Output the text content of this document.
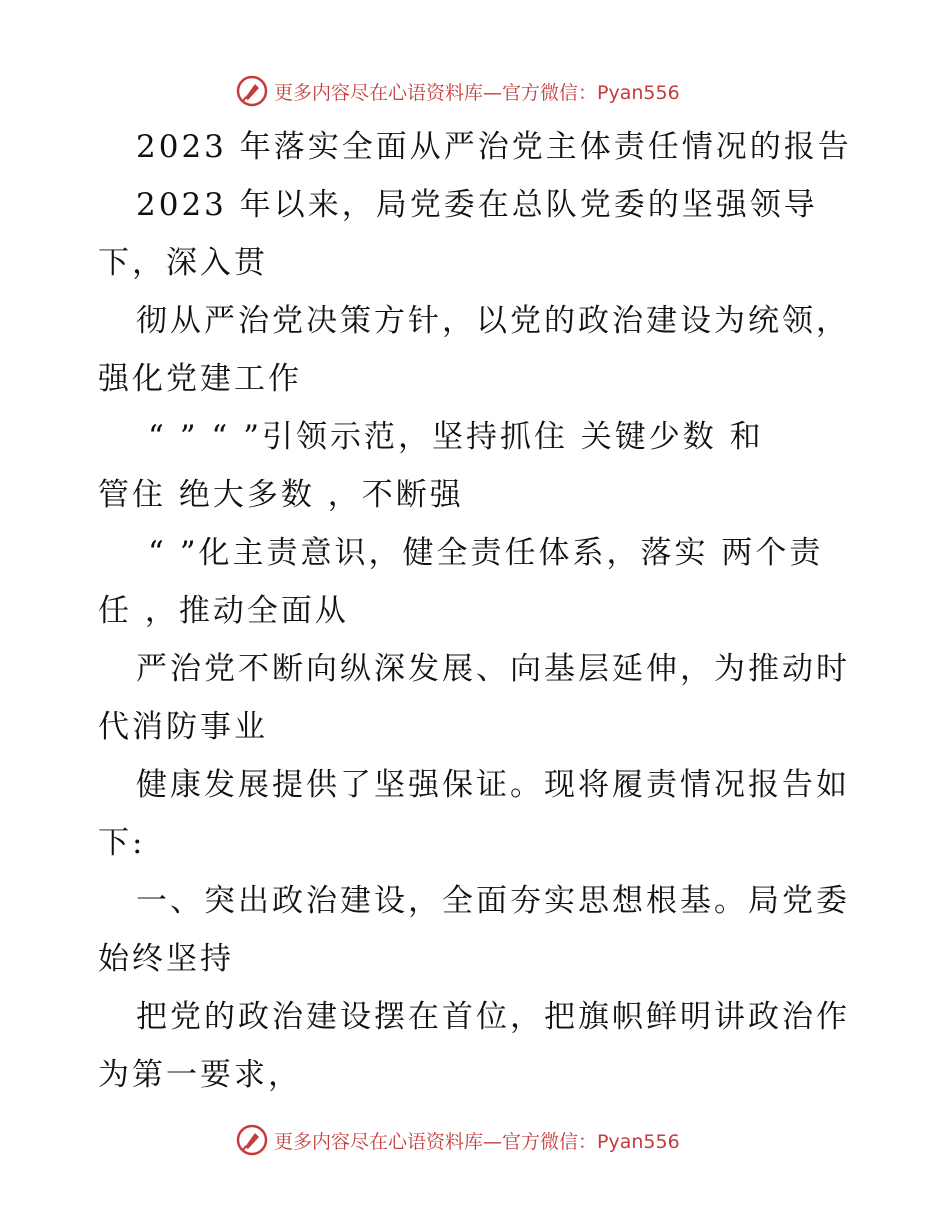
更多内容尽在心语资料库—官方微信：Pyan556
2023 年落实全面从严治党主体责任情况的报告
2023 年以来，局党委在总队党委的坚强领导
下，深入贯
彻从严治党决策方针，以党的政治建设为统领，
强化党建工作
“ ” “ ”引领示范，坚持抓住 关键少数 和
管住 绝大多数 ，不断强
“ ”化主责意识，健全责任体系，落实 两个责
任 ，推动全面从
严治党不断向纵深发展、向基层延伸，为推动时
代消防事业
健康发展提供了坚强保证。现将履责情况报告如
下:
一、突出政治建设，全面夯实思想根基。局党委
始终坚持
把党的政治建设摆在首位，把旗帜鲜明讲政治作
为第一要求，
更多内容尽在心语资料库—官方微信：Pyan556
